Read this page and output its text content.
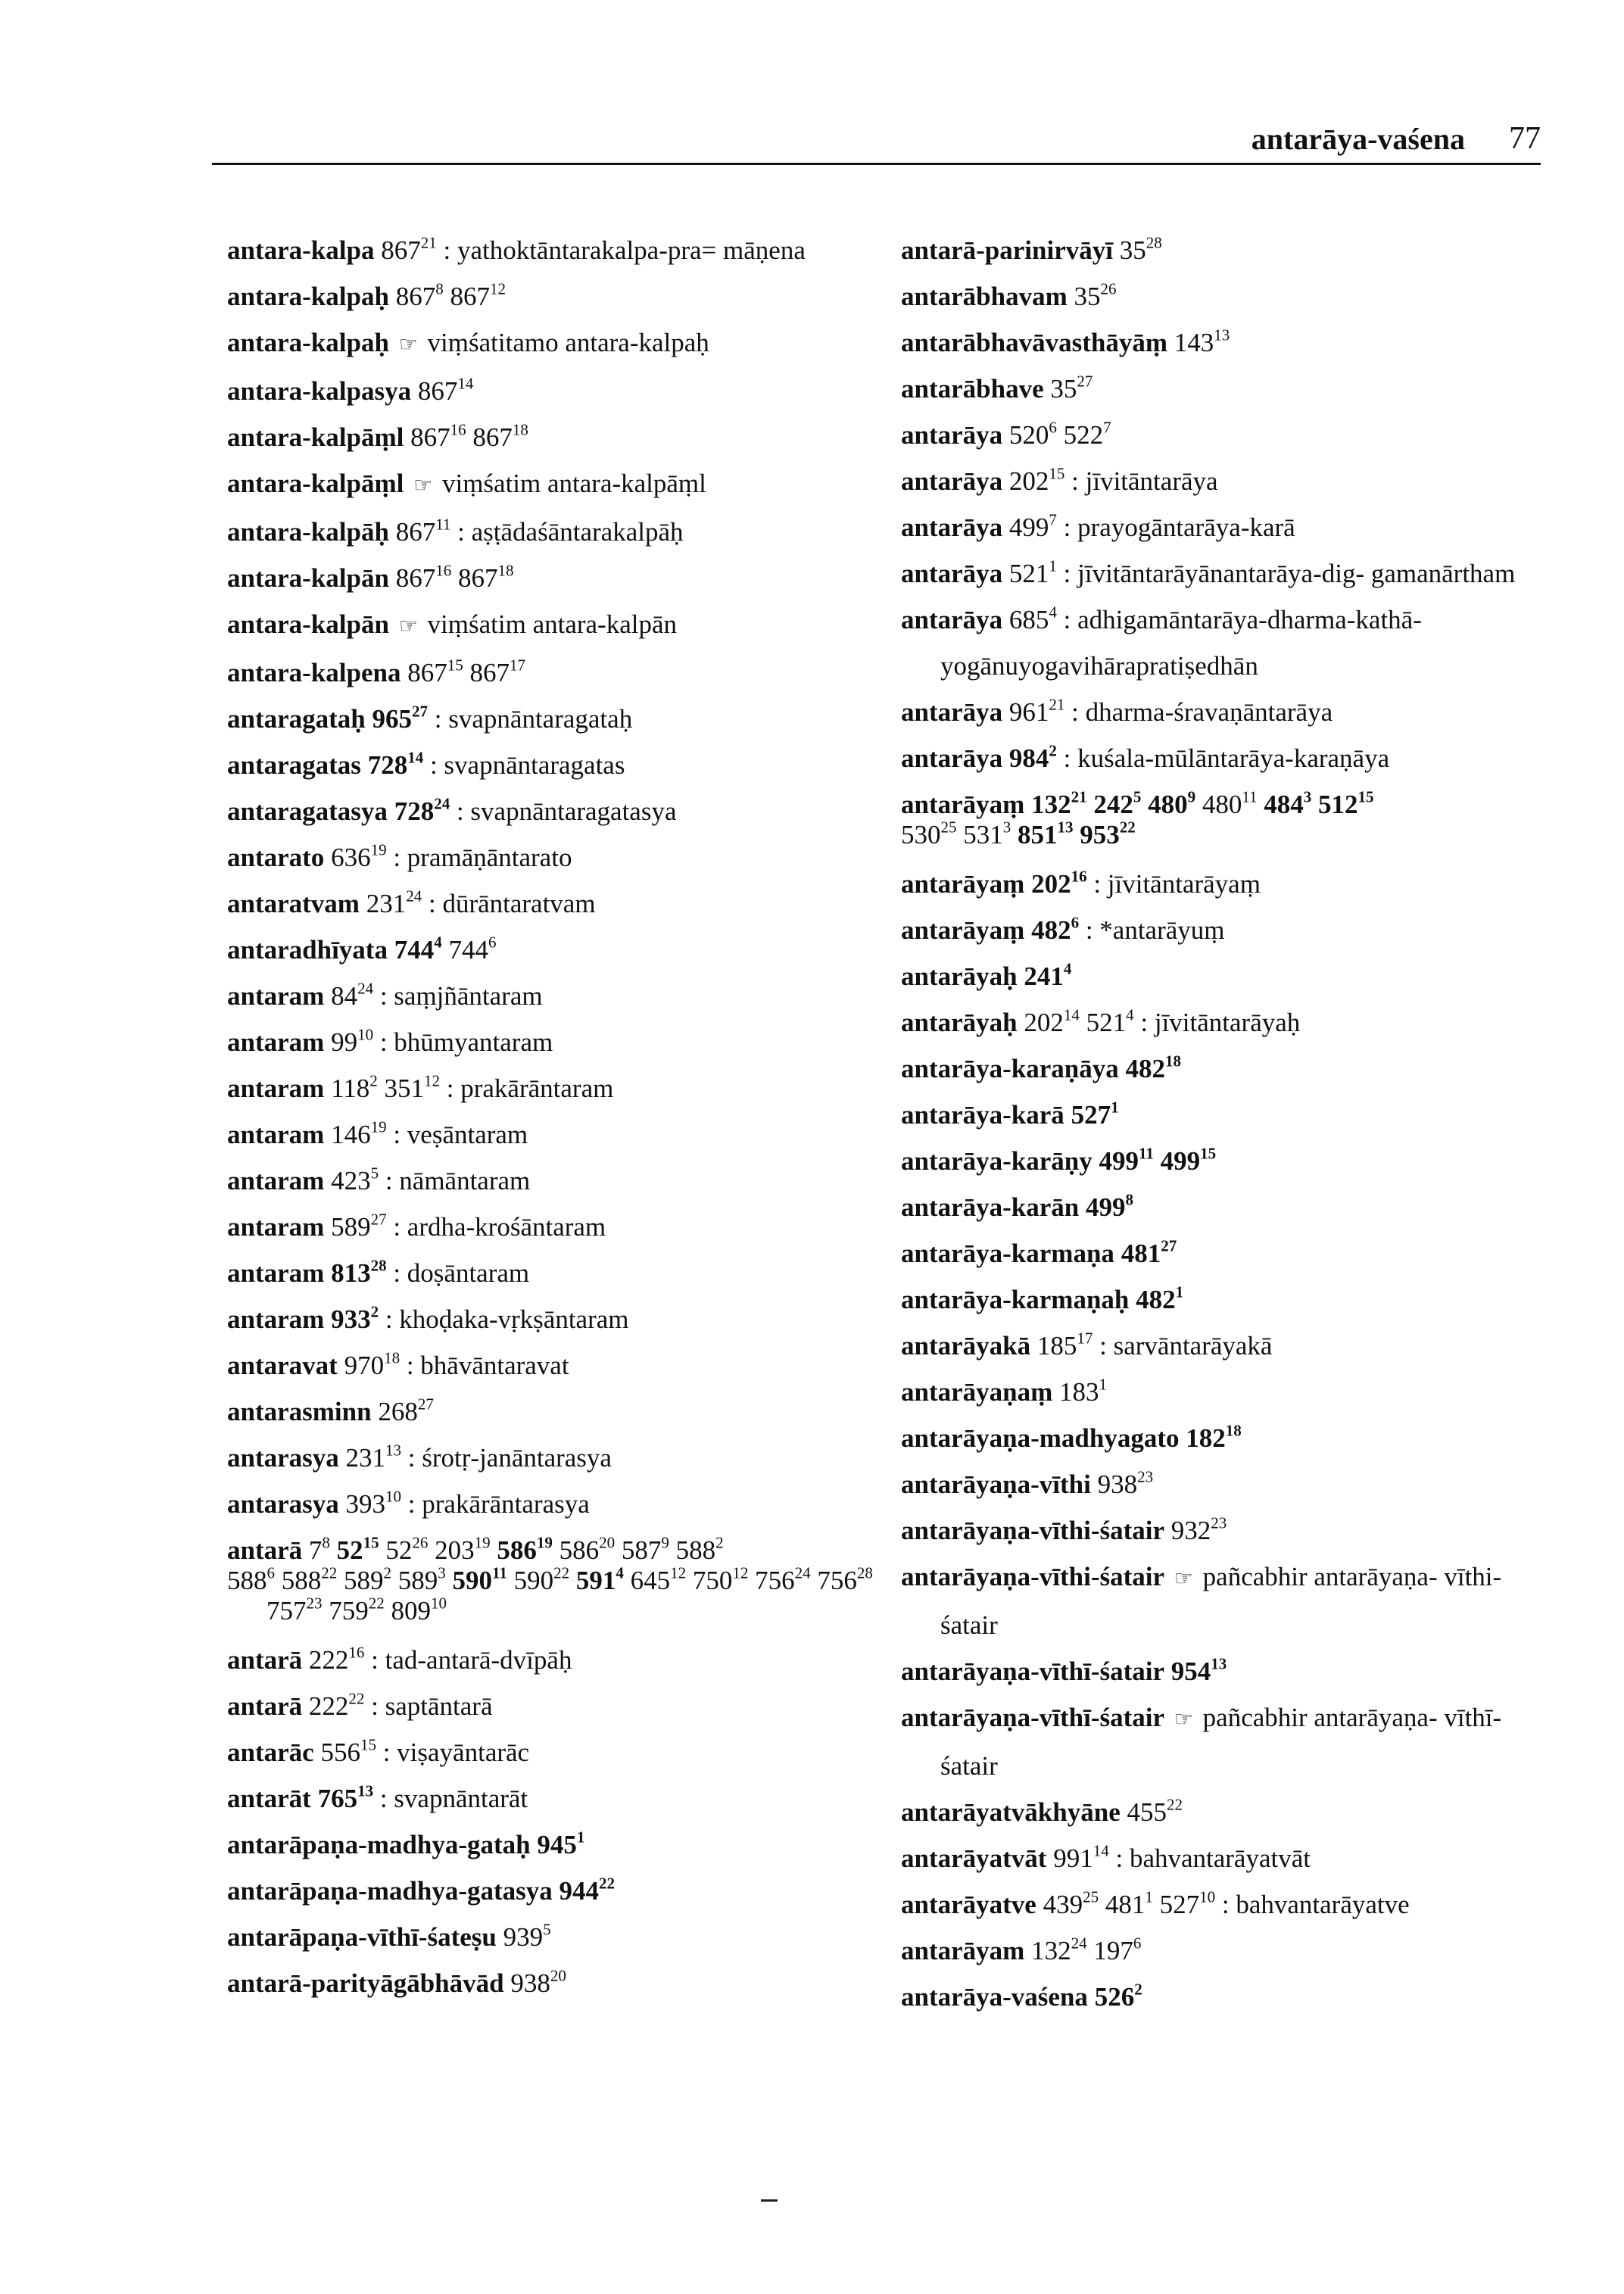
antarāya-vaśena 77
antara-kalpa $867^{21}$ : yathoktāntarakalpa-pra= māṇena
antara-kalpaḥ $867^8$ $867^{12}$
antara-kalpaḥ ☞ viṃśatitamo antara-kalpaḥ
antara-kalpasya $867^{14}$
antara-kalpāṃl $867^{16}$ $867^{18}$
antara-kalpāṃl ☞ viṃśatim antara-kalpāṃl
antara-kalpāḥ $867^{11}$ : aṣṭādaśāntarakalpāḥ
antara-kalpān $867^{16}$ $867^{18}$
antara-kalpān ☞ viṃśatim antara-kalpān
antara-kalpena $867^{15}$ $867^{17}$
antaragataḥ $965^{27}$ : svapnāntaragataḥ
antaragatas $728^{14}$ : svapnāntaragatas
antaragatasya $728^{24}$ : svapnāntaragatasya
antarato $636^{19}$ : pramāṇāntarato
antaratvam $231^{24}$ : dūrāntaratvam
antaradhīyata $744^4$ $744^6$
antaram $84^{24}$ : saṃjñāntaram
antaram $99^{10}$ : bhūmyantaram
antaram $118^2$ $351^{12}$ : prakārāntaram
antaram $146^{19}$ : veṣāntaram
antaram $423^5$ : nāmāntaram
antaram $589^{27}$ : ardha-krośāntaram
antaram $813^{28}$ : doṣāntaram
antaram $933^2$ : khoḍaka-vṛkṣāntaram
antaravat $970^{18}$ : bhāvāntaravat
antarasminn $268^{27}$
antarasya $231^{13}$ : śrotṛ-janāntarasya
antarasya $393^{10}$ : prakārāntarasya
antarā $7^8$ $52^{15}$ $52^{26}$ $203^{19}$ $586^{19}$ $586^{20}$ $587^9$ $588^2$
$588^6$ $588^{22}$ $589^2$ $589^3$ $590^{11}$ $590^{22}$ $591^4$ $645^{12}$ $750^{12}$ $756^{24}$ $756^{28}$ $757^{23}$ $759^{22}$ $809^{10}$
antarā $222^{16}$ : tad-antarā-dvīpāḥ
antarā $222^{22}$ : saptāntarā
antarāc $556^{15}$ : viṣayāntarāc
antarāt $765^{13}$ : svapnāntarāt
antarāpaṇa-madhya-gataḥ $945^1$
antarāpaṇa-madhya-gatasya $944^{22}$
antarāpaṇa-vīthī-śateṣu $939^5$
antarā-parityāgābhāvād $938^{20}$
antarā-parinirvāyī $35^{28}$
antarābhavam $35^{26}$
antarābhavāvasthāyāṃ $143^{13}$
antarābhave $35^{27}$
antarāya $520^6$ $522^7$
antarāya $202^{15}$ : jīvitāntarāya
antarāya $499^7$ : prayogāntarāya-karā
antarāya $521^1$ : jīvitāntarāyānantarāya-dig- gamanārtham
antarāya $685^4$ : adhigamāntarāya-dharma-kathā- yogānuyogavihārapratiṣedhān
antarāya $961^{21}$ : dharma-śravaṇāntarāya
antarāya $984^2$ : kuśala-mūlāntarāya-karaṇāya
antarāyaṃ $132^{21}$ $242^5$ $480^9$ $480^{11}$ $484^3$ $512^{15}$
$530^{25}$ $531^3$ $851^{13}$ $953^{22}$
antarāyaṃ $202^{16}$ : jīvitāntarāyaṃ
antarāyaṃ $482^6$ : *antarāyuṃ
antarāyaḥ $241^4$
antarāyaḥ $202^{14}$ $521^4$ : jīvitāntarāyaḥ
antarāya-karaṇāya $482^{18}$
antarāya-karā $527^1$
antarāya-karāṇy $499^{11}$ $499^{15}$
antarāya-karān $499^8$
antarāya-karmaṇa $481^{27}$
antarāya-karmaṇaḥ $482^1$
antarāyakā $185^{17}$ : sarvāntarāyakā
antarāyaṇaṃ $183^1$
antarāyaṇa-madhyagato $182^{18}$
antarāyaṇa-vīthi $938^{23}$
antarāyaṇa-vīthi-śatair $932^{23}$
antarāyaṇa-vīthi-śatair ☞ pañcabhir antarāyaṇa- vīthi-śatair
antarāyaṇa-vīthī-śatair $954^{13}$
antarāyaṇa-vīthī-śatair ☞ pañcabhir antarāyaṇa- vīthī-śatair
antarāyatvākhyāne $455^{22}$
antarāyatvāt $991^{14}$ : bahvantarāyatvāt
antarāyatve $439^{25}$ $481^1$ $527^{10}$ : bahvantarāyatve
antarāyam $132^{24}$ $197^6$
antarāya-vaśena $526^2$
